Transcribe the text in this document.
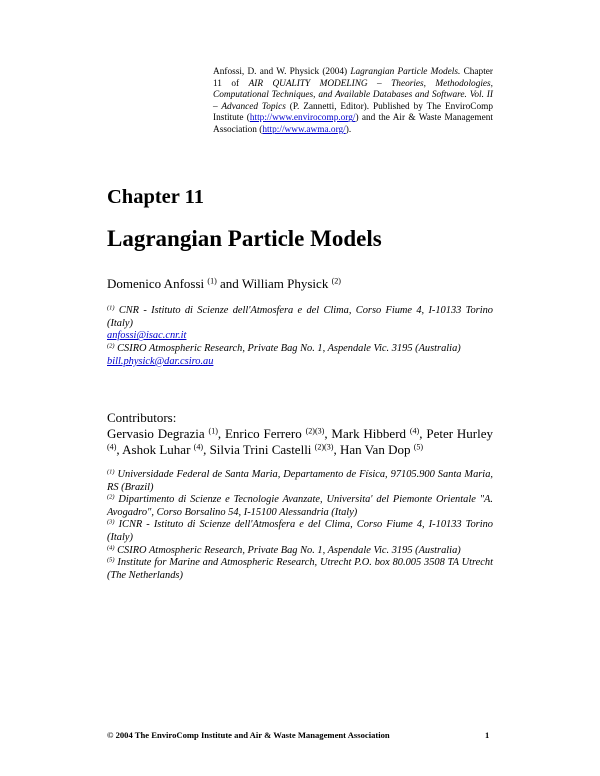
Anfossi, D. and W. Physick (2004) Lagrangian Particle Models. Chapter 11 of AIR QUALITY MODELING – Theories, Methodologies, Computational Techniques, and Available Databases and Software. Vol. II – Advanced Topics (P. Zannetti, Editor). Published by The EnviroComp Institute (http://www.envirocomp.org/) and the Air & Waste Management Association (http://www.awma.org/).
Chapter 11
Lagrangian Particle Models
Domenico Anfossi $^{(1)}$ and William Physick $^{(2)}$
$^{(1)}$ CNR - Istituto di Scienze dell'Atmosfera e del Clima, Corso Fiume 4, I-10133 Torino (Italy)
anfossi@isac.cnr.it
$^{(2)}$ CSIRO Atmospheric Research, Private Bag No. 1, Aspendale Vic. 3195 (Australia)
bill.physick@dar.csiro.au
Contributors:
Gervasio Degrazia $^{(1)}$, Enrico Ferrero $^{(2)(3)}$, Mark Hibberd $^{(4)}$, Peter Hurley $^{(4)}$, Ashok Luhar $^{(4)}$, Silvia Trini Castelli $^{(2)(3)}$, Han Van Dop $^{(5)}$

$^{(1)}$ Universidade Federal de Santa Maria, Departamento de Física, 97105.900 Santa Maria, RS (Brazil)

$^{(2)}$ Dipartimento di Scienze e Tecnologie Avanzate, Universita' del Piemonte Orientale "A. Avogadro", Corso Borsalino 54, I-15100 Alessandria (Italy)

$^{(3)}$ ICNR - Istituto di Scienze dell'Atmosfera e del Clima, Corso Fiume 4, I-10133 Torino (Italy)

$^{(4)}$ CSIRO Atmospheric Research, Private Bag No. 1, Aspendale Vic. 3195 (Australia)

$^{(5)}$ Institute for Marine and Atmospheric Research, Utrecht P.O. box 80.005 3508 TA Utrecht (The Netherlands)

© 2004 The EnviroComp Institute and Air & Waste Management Association	1
